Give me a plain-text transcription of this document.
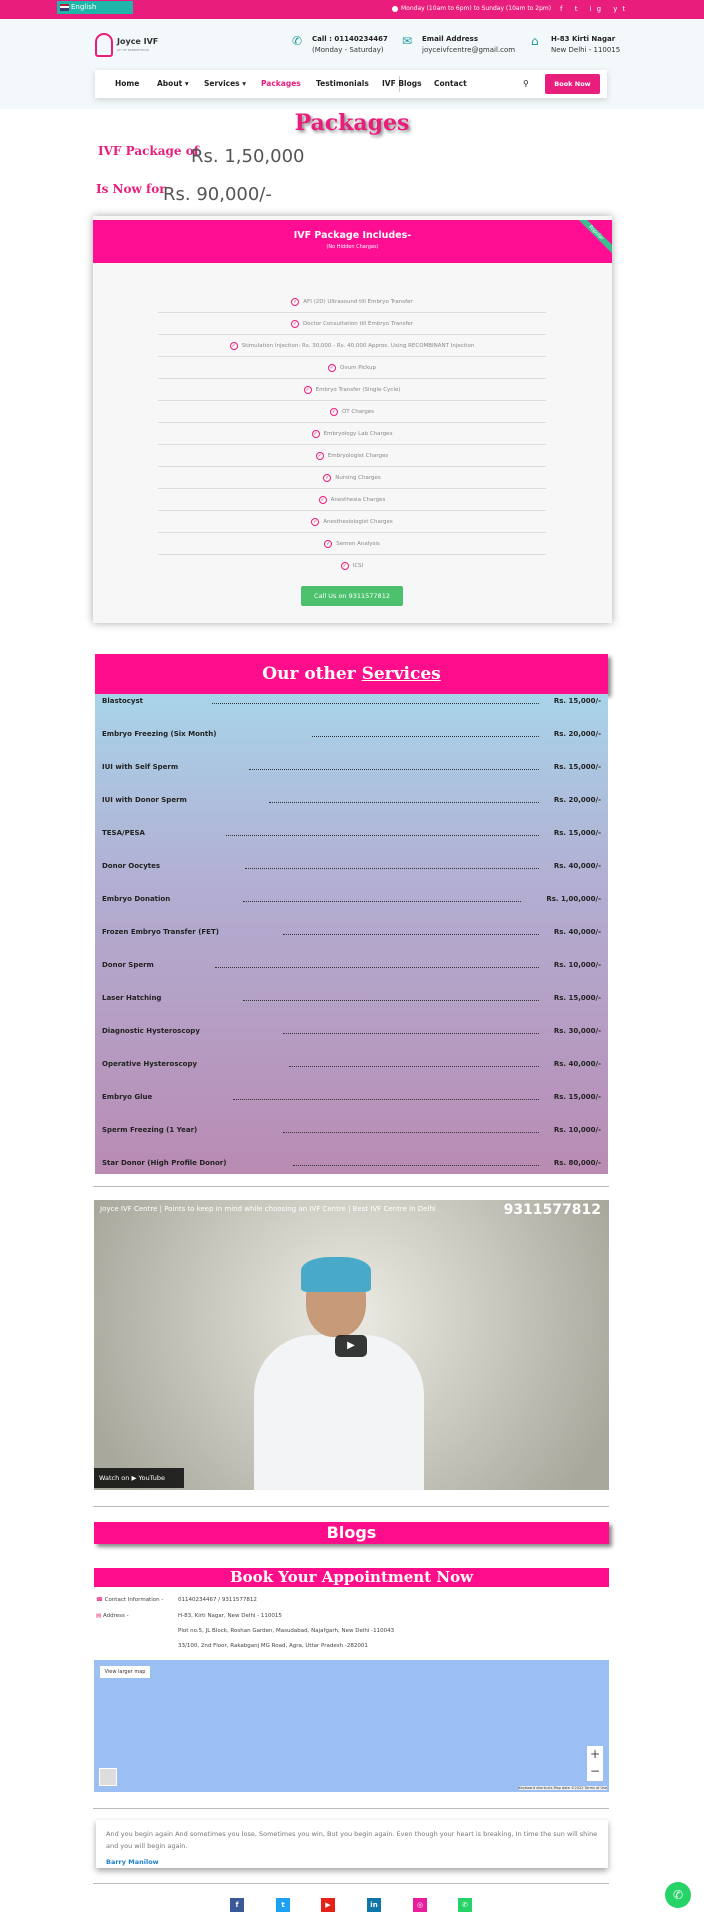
English	Monday (10am to 6pm) to Sunday (10am to 2pm) f t ig yt
Joyce IVF
JOY OF PARENTHOOD
✆	Call : 01140234467
(Monday - Saturday)
✉	Email Address
joyceivfcentre@gmail.com
⌂	H-83 Kirti Nagar
New Delhi - 110015
Home About ▾ Services ▾ Packages Testimonials IVF Blogs Contact	⚲	Book Now
Packages
IVF Package of
Rs. 1,50,000
Is Now for
Rs. 90,000/-
IVF Package Includes-
(No Hidden Charges)
Popular
✓ AFI (2D) Ultrasound till Embryo Transfer
✓ Doctor Consultation till Embryo Transfer
✓ Stimulation Injection: Rs. 30,000 - Rs. 40,000 Approx. Using RECOMBINANT Injection
✓ Ovum Pickup
✓ Embryo Transfer (Single Cycle)
✓ OT Charges
✓ Embryology Lab Charges
✓ Embryologist Charges
✓ Nursing Charges
✓ Anesthesia Charges
✓ Anesthesiologist Charges
✓ Semen Analysis
✓ ICSI
Call Us on 9311577812
Our other Services
Blastocyst	Rs. 15,000/-
Embryo Freezing (Six Month)	Rs. 20,000/-
IUI with Self Sperm	Rs. 15,000/-
IUI with Donor Sperm	Rs. 20,000/-
TESA/PESA	Rs. 15,000/-
Donor Oocytes	Rs. 40,000/-
Embryo Donation	Rs. 1,00,000/-
Frozen Embryo Transfer (FET)	Rs. 40,000/-
Donor Sperm	Rs. 10,000/-
Laser Hatching	Rs. 15,000/-
Diagnostic Hysteroscopy	Rs. 30,000/-
Operative Hysteroscopy	Rs. 40,000/-
Embryo Glue	Rs. 15,000/-
Sperm Freezing (1 Year)	Rs. 10,000/-
Star Donor (High Profile Donor)	Rs. 80,000/-
Joyce IVF Centre | Points to keep in mind while choosing an IVF Centre | Best IVF Centre in Delhi	9311577812
▶
Watch on ▶ YouTube
Blogs
Book Your Appointment Now
☎ Contact Information -	01140234467 / 9311577812
▤ Address -	H-83, Kirti Nagar, New Delhi - 110015
Plot no.5, JL Block, Roshan Garden, Masudabad, Najafgarh, New Delhi -110043
33/100, 2nd Floor, Rakabganj MG Road, Agra, Uttar Pradesh -282001
View larger map
+
−
Keyboard shortcuts Map data ©2022 Terms of Use
And you begin again And sometimes you lose, Sometimes you win, But you begin again. Even though your heart is breaking, In time the sun will shine and you will begin again.
Barry Manilow
f	t	▶	in	◎	✆
✆
